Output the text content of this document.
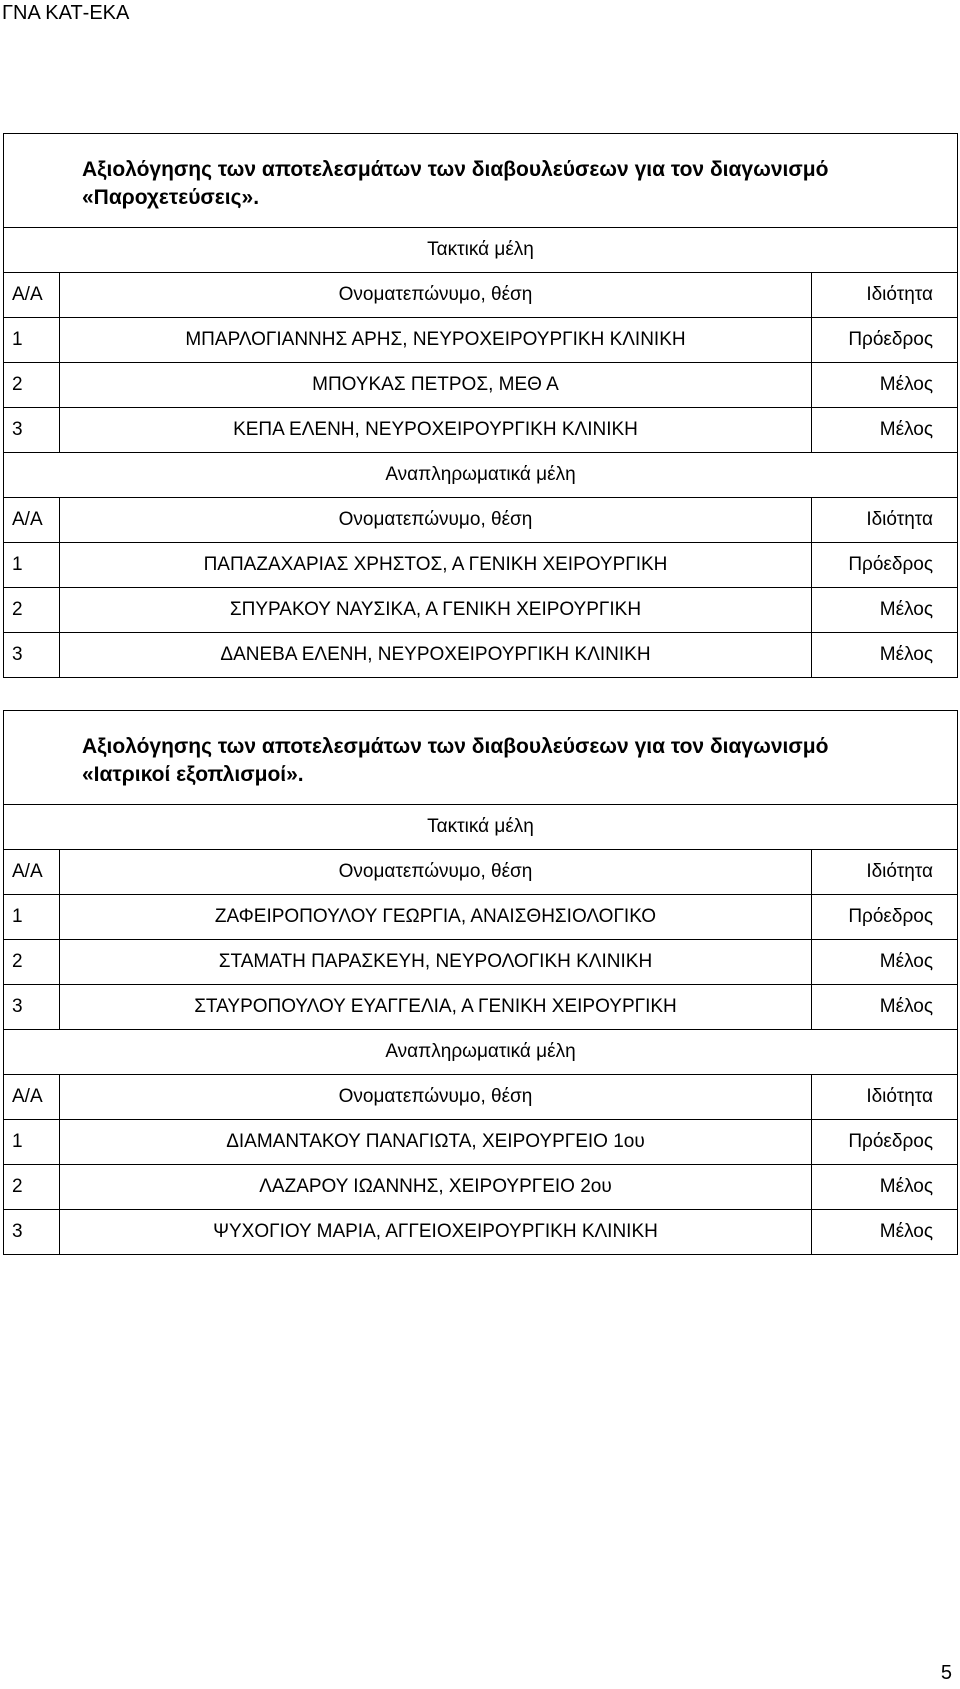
ΓΝΑ ΚΑΤ-ΕΚΑ
Αξιολόγησης των αποτελεσμάτων των διαβουλεύσεων για τον διαγωνισμό
«Παροχετεύσεις».		

Τακτικά μέλη		
Α/Α	Ονοματεπώνυμο, θέση	Ιδιότητα
1	ΜΠΑΡΛΟΓΙΑΝΝΗΣ ΑΡΗΣ, ΝΕΥΡΟΧΕΙΡΟΥΡΓΙΚΗ ΚΛΙΝΙΚΗ	Πρόεδρος
2	ΜΠΟΥΚΑΣ ΠΕΤΡΟΣ, ΜΕΘ Α	Μέλος
3	ΚΕΠΑ ΕΛΕΝΗ, ΝΕΥΡΟΧΕΙΡΟΥΡΓΙΚΗ ΚΛΙΝΙΚΗ	Μέλος
Αναπληρωματικά μέλη		
Α/Α	Ονοματεπώνυμο, θέση	Ιδιότητα
1	ΠΑΠΑΖΑΧΑΡΙΑΣ ΧΡΗΣΤΟΣ, Α ΓΕΝΙΚΗ ΧΕΙΡΟΥΡΓΙΚΗ	Πρόεδρος
2	ΣΠΥΡΑΚΟΥ ΝΑΥΣΙΚΑ, Α ΓΕΝΙΚΗ ΧΕΙΡΟΥΡΓΙΚΗ	Μέλος
3	ΔΑΝΕΒΑ ΕΛΕΝΗ, ΝΕΥΡΟΧΕΙΡΟΥΡΓΙΚΗ ΚΛΙΝΙΚΗ	Μέλος
Αξιολόγησης των αποτελεσμάτων των διαβουλεύσεων για τον διαγωνισμό
«Ιατρικοί εξοπλισμοί».		

Τακτικά μέλη		
Α/Α	Ονοματεπώνυμο, θέση	Ιδιότητα
1	ΖΑΦΕΙΡΟΠΟΥΛΟΥ ΓΕΩΡΓΙΑ, ΑΝΑΙΣΘΗΣΙΟΛΟΓΙΚΟ	Πρόεδρος
2	ΣΤΑΜΑΤΗ ΠΑΡΑΣΚΕΥΗ, ΝΕΥΡΟΛΟΓΙΚΗ ΚΛΙΝΙΚΗ	Μέλος
3	ΣΤΑΥΡΟΠΟΥΛΟΥ ΕΥΑΓΓΕΛΙΑ, Α ΓΕΝΙΚΗ ΧΕΙΡΟΥΡΓΙΚΗ	Μέλος
Αναπληρωματικά μέλη		
Α/Α	Ονοματεπώνυμο, θέση	Ιδιότητα
1	ΔΙΑΜΑΝΤΑΚΟΥ ΠΑΝΑΓΙΩΤΑ, ΧΕΙΡΟΥΡΓΕΙΟ 1ου	Πρόεδρος
2	ΛΑΖΑΡΟΥ ΙΩΑΝΝΗΣ, ΧΕΙΡΟΥΡΓΕΙΟ 2ου	Μέλος
3	ΨΥΧΟΓΙΟΥ ΜΑΡΙΑ, ΑΓΓΕΙΟΧΕΙΡΟΥΡΓΙΚΗ ΚΛΙΝΙΚΗ	Μέλος
5
